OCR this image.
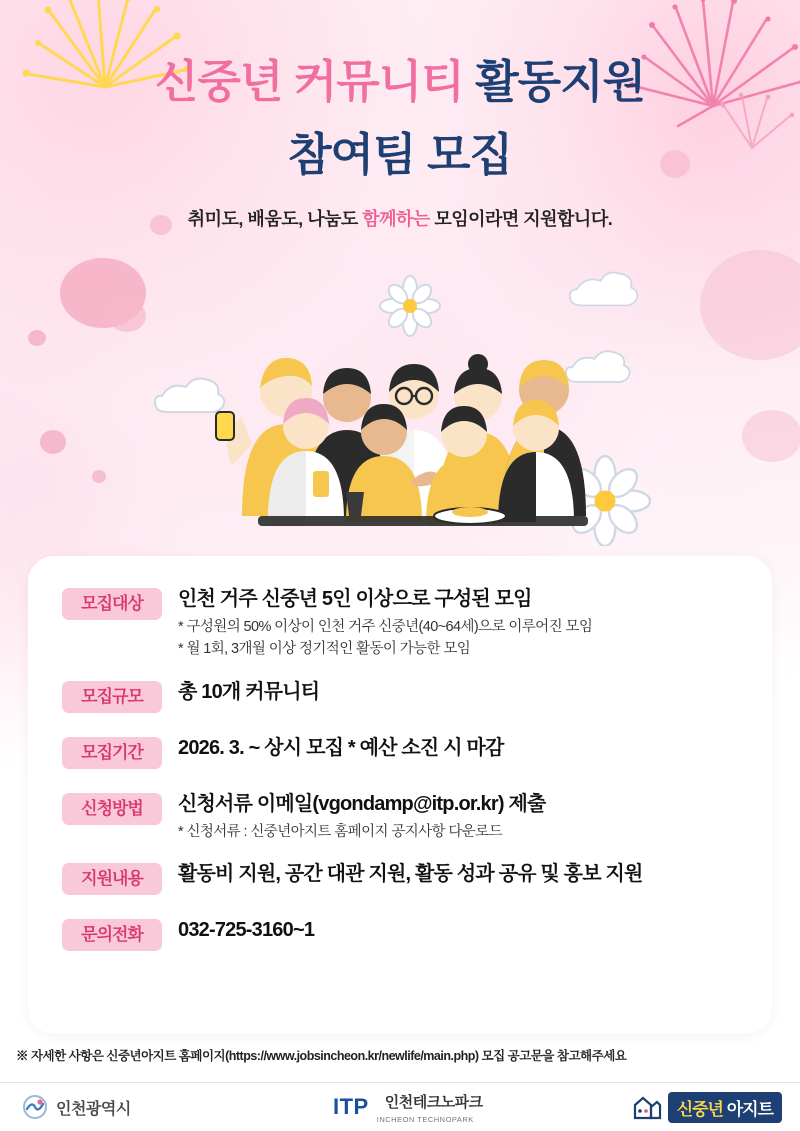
신중년 커뮤니티 활동지원
참여팀 모집
취미도, 배움도, 나눔도 함께하는 모임이라면 지원합니다.
모집대상	인천 거주 신중년 5인 이상으로 구성된 모임
* 구성원의 50% 이상이 인천 거주 신중년(40~64세)으로 이루어진 모임
* 월 1회, 3개월 이상 정기적인 활동이 가능한 모임
모집규모	총 10개 커뮤니티
모집기간	2026. 3. ~ 상시 모집 * 예산 소진 시 마감
신청방법	신청서류 이메일(vgondamp@itp.or.kr) 제출
* 신청서류 : 신중년아지트 홈페이지 공지사항 다운로드
지원내용	활동비 지원, 공간 대관 지원, 활동 성과 공유 및 홍보 지원
문의전화	032-725-3160~1
※ 자세한 사항은 신중년아지트 홈페이지(https://www.jobsincheon.kr/newlife/main.php) 모집 공고문을 참고해주세요
인천광역시	ITP 인천테크노파크
INCHEON TECHNOPARK
신중년 아지트
